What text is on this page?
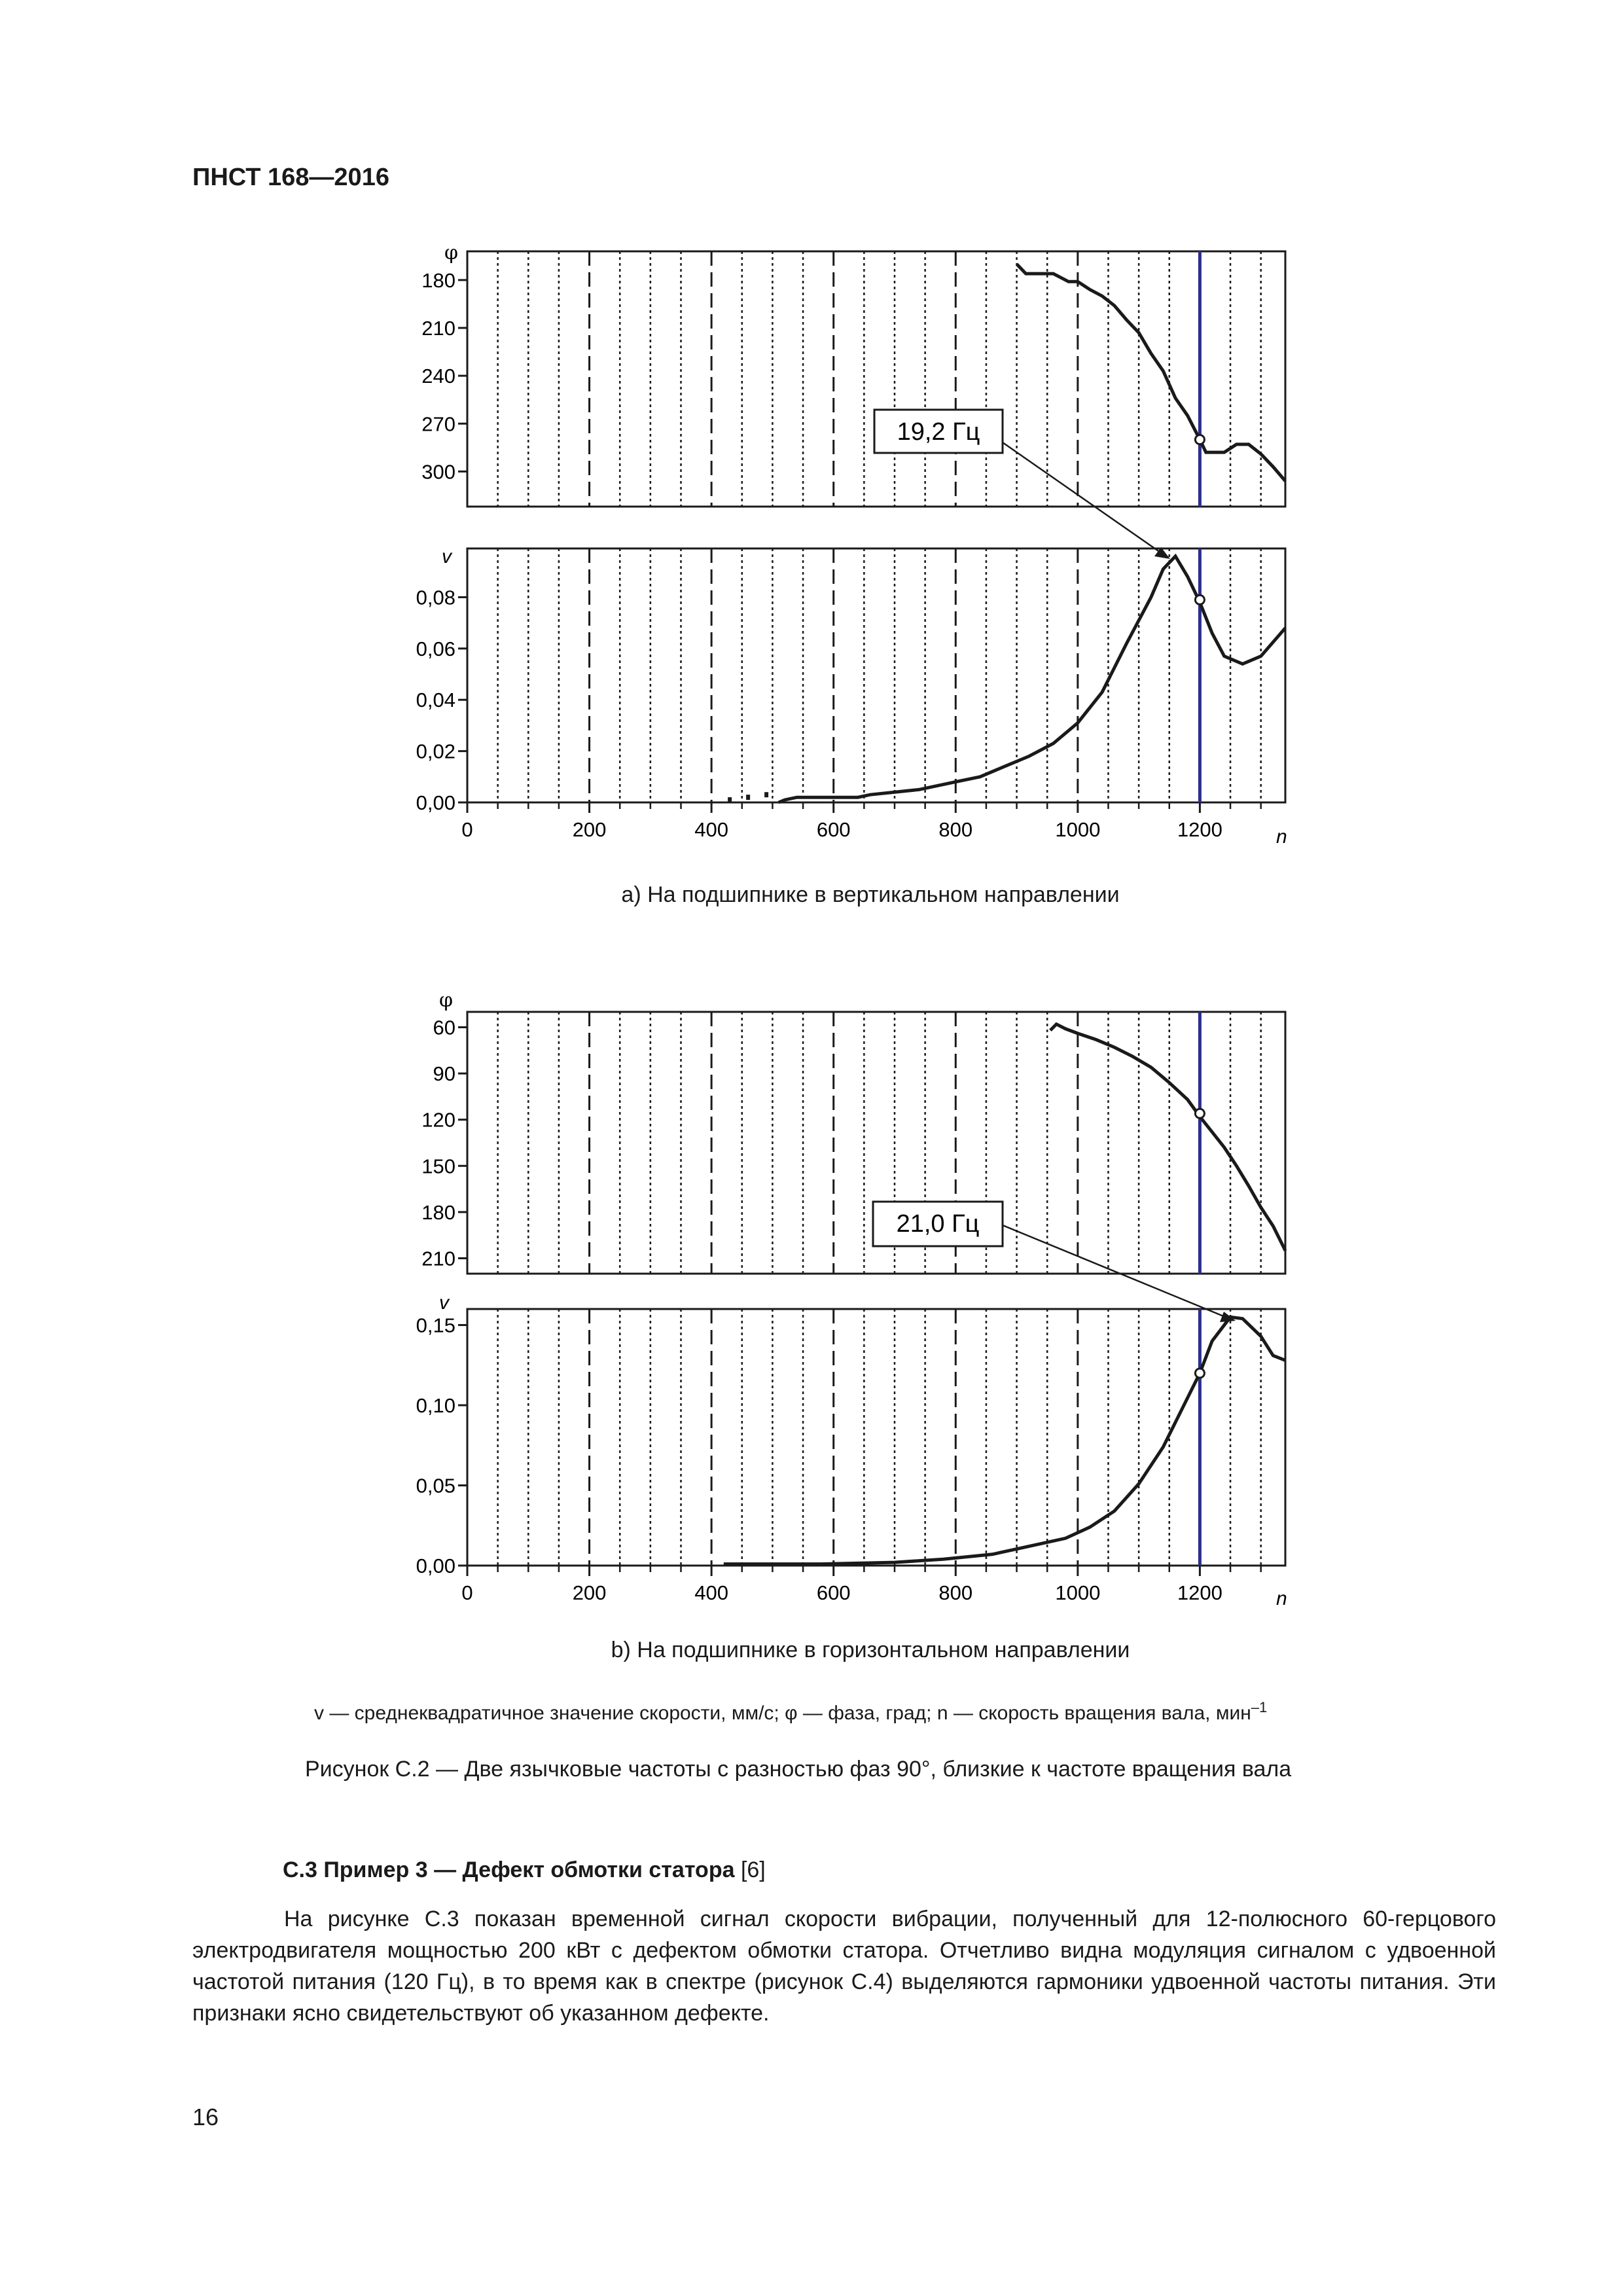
ПНСТ 168—2016
180
210
240
270
300
φ
0,00
0,02
0,04
0,06
0,08
0	200	400	600	800	1000	1200
v
n
19,2 Гц
60
90
120
150
180
210
φ
0,00
0,05
0,10
0,15
0	200	400	600	800	1000	1200
v
n
21,0 Гц
a) На подшипнике в вертикальном направлении
b) На подшипнике в горизонтальном направлении
v — среднеквадратичное значение скорости, мм/с; φ — фаза, град; n — скорость вращения вала, мин$^{-1}$
Рисунок С.2 — Две язычковые частоты с разностью фаз 90°, близкие к частоте вращения вала
С.3 Пример 3 — Дефект обмотки статора [6]
На рисунке С.3 показан временной сигнал скорости вибрации, полученный для 12-полюсного 60-герцового электродвигателя мощностью 200 кВт с дефектом обмотки статора. Отчетливо видна модуляция сигналом с удвоенной частотой питания (120 Гц), в то время как в спектре (рисунок С.4) выделяются гармоники удвоенной частоты питания. Эти признаки ясно свидетельствуют об указанном дефекте.
16
